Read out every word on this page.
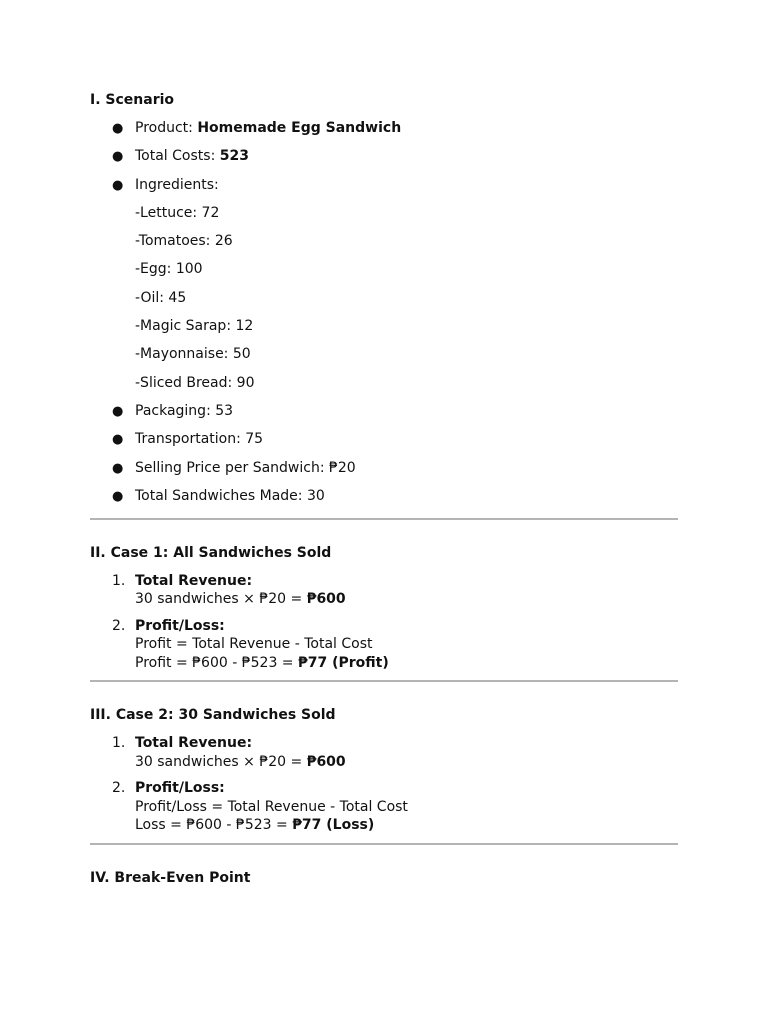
I. Scenario

● Product: Homemade Egg Sandwich
● Total Costs: 523
● Ingredients:
-Lettuce: 72
-Tomatoes: 26
-Egg: 100
-Oil: 45
-Magic Sarap: 12
-Mayonnaise: 50
-Sliced Bread: 90
● Packaging: 53
● Transportation: 75
● Selling Price per Sandwich: ₱20
● Total Sandwiches Made: 30

II. Case 1: All Sandwiches Sold

1. Total Revenue:
30 sandwiches × ₱20 = ₱600
2. Profit/Loss:
Profit = Total Revenue - Total Cost
Profit = ₱600 - ₱523 = ₱77 (Profit)

III. Case 2: 30 Sandwiches Sold

1. Total Revenue:
30 sandwiches × ₱20 = ₱600
2. Profit/Loss:
Profit/Loss = Total Revenue - Total Cost
Loss = ₱600 - ₱523 = ₱77 (Loss)

IV. Break-Even Point
